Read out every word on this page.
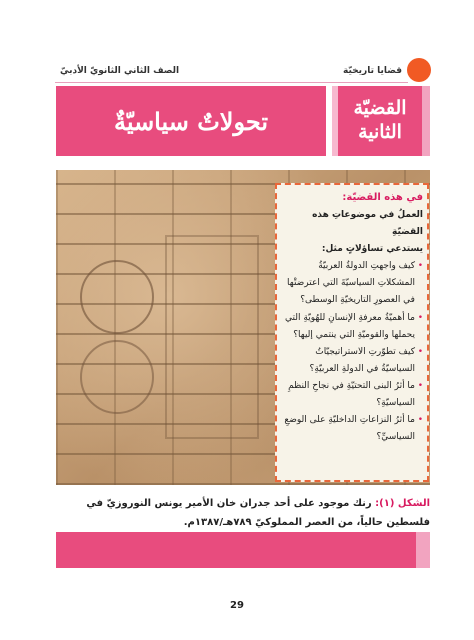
قضايا تاريخيّة
الصف الثاني الثانويّ الأدبيّ
القضيّة
الثانية
تحولاتٌ سياسيّةٌ
في هذه القضيّة:
العملُ في موضوعاتِ هذه القضيّةِ
يستدعي تساؤلاتٍ مثل:
• كيف واجهتِ الدولةُ العربيّةُ المشكلاتِ السياسيّةَ التي اعترضتْها في العصورِ التاريخيّةِ الوسطى؟
• ما أهميّةُ معرفةِ الإنسانِ للهُويّةِ التي يحملها والقوميّةِ التي ينتمي إليها؟
• كيف تطوّرتِ الاستراتيجيّاتُ السياسيّةُ في الدولةِ العربيّةِ؟
• ما أثرُ البنى التحتيّةِ في نجاحِ النظمِ السياسيّةِ؟
• ما أثرُ النزاعاتِ الداخليّةِ على الوضعِ السياسيِّ؟
الشكل (١): رنك موجود على أحد جدران خان الأمير يونس النوروزيّ في فلسطين حالياً، من العصر المملوكيّ ٧٨٩هـ/١٣٨٧م.
29
